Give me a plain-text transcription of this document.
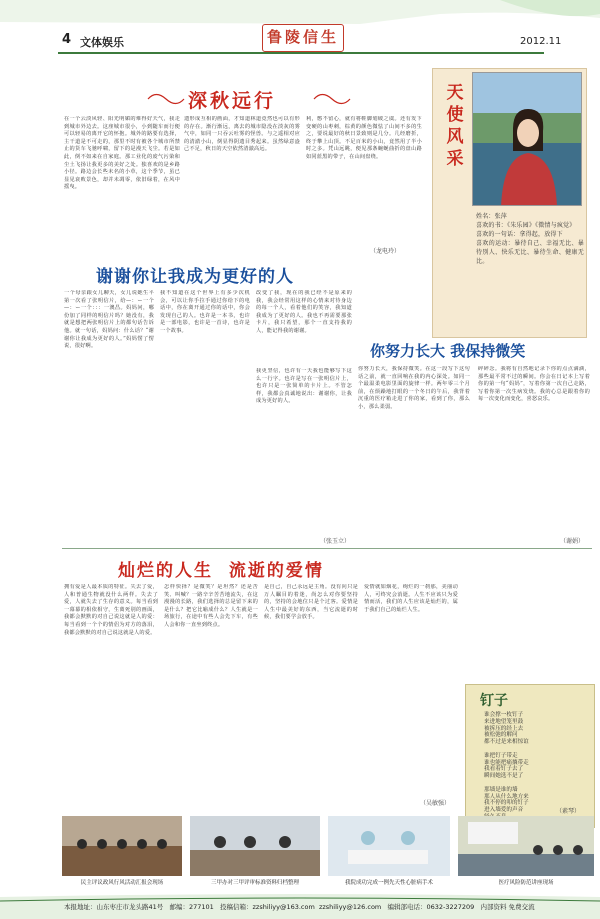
4 文体娱乐	鲁陵信生	2012.11
深秋远行
在一个云淡风轻、阳光明媚的难得好天气，我走到城市外边去。这座城市很小，小到随车而行便可以轻易的离开它的怀抱。城外的路要有选择，主干道是不可走的，那里不时有被各个城市所禁止的货车飞驰呼啸，留下的是漫天飞尘。若是如此，倒不如来在自家庭。那工业化的废气污染和尘土飞扬让我更多的美好之处。独喜欢的是乡路小径。路边会长些未名的小草，这个季节，虽已显见衰败景色，却并未凋零，依旧绿着，在风中摇曳。
遗形成互相的画面，才知道林道竟然也可以有形的存在。渐行渐远，离去的城市隐没在淡灰的雾气中，如同一只吞云吐雾的怪兽。与之遥相对应的清澈小山，倒显得阴遗目秀起来。虽然绿意盎己不足，秋日的天空依然清澈高远。
利，憋不留心，就有将鞋脚划破之虞。还有发下变硬的山枣刺，棕黄的颜色微怯了山间不多的生之，要说最好的秋日景致则是几分。几经磨折，终于攀上山顶。不足百米的小山，竟然用了半小时之多。凭山远眺，便见那条蜿蜒曲折的盘山路如同蓝黑的带子，在山间盘绕。
（龙电玲）
天使风采
姓名：张萍
喜欢的书：《朱乐园》《微情与疯觉》
喜欢的一句话：拿得起，放得下
喜欢的运动：暴待自己、幸福无比、暴待别人、快乐无比、暴待生命、健康无比。
谢谢你让我成为更好的人
一个母亲跟女儿聊天，女儿说她生平第一次看了张明信片，给—：ー一个—：ー一个：：：一澳昌。妈妈问，哪份加了同样的明信片吗？她没有，我就是想把两张明信片上的都句话告诉他。就一句话，妈妈问：什么话？“谢谢你让我成为更好的人。”妈妈愣了愣说，很好啊。
我不知道在这个世界上有多少次机会，可以让你手拉手通过你给下的电话中，你在离开通过你的话中，你会发现自己的人。也许是一本书，也许是一部电影，也许是一首诗，也许是一个故事。
改变了我，现在的我已经不是原来的我，我会经常用这样的心情来对待身边的每一个人，看着他们的笑容，我知道我成为了更好的人。我也不再需要那张卡片，我只希望，那个一直支持我的人，能记得我的谢谢。
我更坚信，也许有一天我也能够写下这么一行字。也许是写在一张明信片上，也许只是一张简单的卡片上。不管怎样，我都会真诚地说出：谢谢你，让我成为更好的人。
（张玉立）
你努力长大 我保持微笑
你努力长大，我保持微笑。在这一段写下这句话之前，就一直回响在我的内心深处。如同一个最温柔电影里面的旋律一样。两年零三个月前，在烦躁地打眼的一个冬日的午后，我背着沉重的医疗箱走进了你的家，看到了你，那么小，那么柔弱。
碎碎念。我将有自然地记录下你的点点滴滴，那些最平常不过的瞬间。你会在日记本上写着你的第一句“妈妈”，写着你第一次自己走路，写着你第一次生病发烧。我的心总是跟着你的每一次变化而变化，喜怒哀乐。
（谢娟）
灿烂的人生  流逝的爱情
拥有爱是人最本质的特征。失去了爱，人和普通生物就没什么两样。失去了爱，人就失去了生存的意义。每当看到一幕幕的相依相守，生离死别的画面，我都会默默的对自己说这就是人的爱：每当看到一个个的情侣为对方的落泪，我都会默默的对自己说这就是人的爱。
怎样快择？是微笑？是坦然？还是苦笑、叫喊？一路辛辛苦苦地流失，在这漫漫的长路，我们选择的总是留下来的是什么？把它比喻成什么？人生就是一场旅行，在途中有些人会先下车，有些人会和你一直坐到终点。
是自己，自己永远是主角。没有向只是万人瞩目的着迷，尚怎么对你要坚持的，坚持的会地位只是个过客。爱情是人生中最美好的东西，当它流逝的时候，我们要学会放手。
爱情就如烟花，绚烂的一刹那，美丽动人，可终究会消逝。人生不应该只为爱情而活，我们的人生应该是灿烂的，属于我们自己的灿烂人生。
（吴敏强）
钉子
谁会撑一枚钉子
来进地望笼里鼓
被拆压的经上去
被松弛的解问
都不过是来相惊谊

谁把钉子带走
谁也能把痛攘带走
我看着钉子去了
瞬间她选不是了

那墙是谁的墙
那人从什么地方来
我不停的叩的钉子
进入墙爱的声音	（素琴）
民主评议政风行风活动汇报会现场	三甲办对三甲评审标准资料归档整理	我院成功完成一例先天性心脏病手术	医疗风险防范讲座现场
本报地址：山东枣庄市龙头路41号 邮编：277101 投稿信箱：zzshiliyy@163.com zzshiliyy@126.com 编辑部电话：0632-3227209 内部资料 免费交流
